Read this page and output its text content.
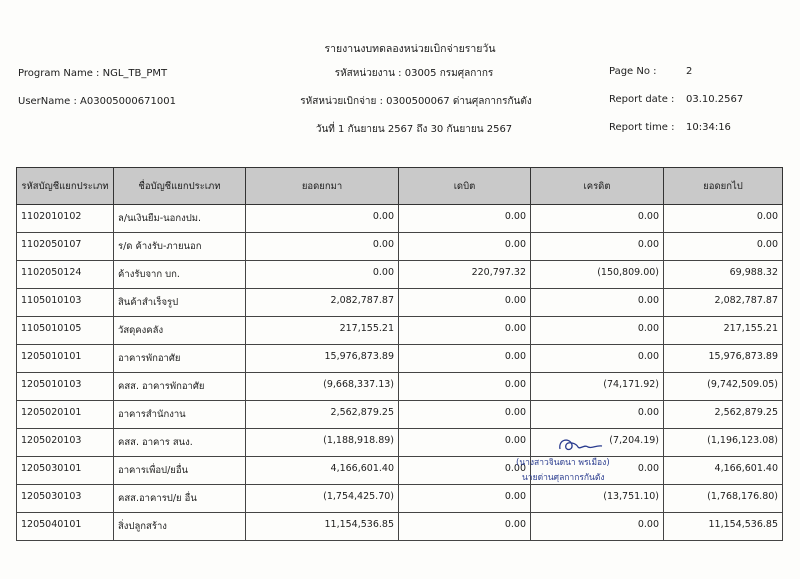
รายงานงบทดลองหน่วยเบิกจ่ายรายวัน
Program Name : NGL_TB_PMT	รหัสหน่วยงาน : 03005 กรมศุลกากร	Page No :	2
UserName : A03005000671001	รหัสหน่วยเบิกจ่าย : 0300500067 ด่านศุลกากรกันตัง	Report date : 03.10.2567
วันที่ 1 กันยายน 2567 ถึง 30 กันยายน 2567	Report time : 10:34:16
รหัสบัญชีแยกประเภท	ชื่อบัญชีแยกประเภท	ยอดยกมา	เดบิต	เครดิต	ยอดยกไป
1102010102	ล/นเงินยืม-นอกงปม.	0.00	0.00	0.00	0.00
1102050107	ร/ด ค้างรับ-ภายนอก	0.00	0.00	0.00	0.00
1102050124	ค้างรับจาก บก.	0.00	220,797.32	(150,809.00)	69,988.32
1105010103	สินค้าสำเร็จรูป	2,082,787.87	0.00	0.00	2,082,787.87
1105010105	วัสดุคงคลัง	217,155.21	0.00	0.00	217,155.21
1205010101	อาคารพักอาศัย	15,976,873.89	0.00	0.00	15,976,873.89
1205010103	คสส. อาคารพักอาศัย	(9,668,337.13)	0.00	(74,171.92)	(9,742,509.05)
1205020101	อาคารสำนักงาน	2,562,879.25	0.00	0.00	2,562,879.25
1205020103	คสส. อาคาร สนง.	(1,188,918.89)	0.00	(7,204.19)	(1,196,123.08)
1205030101	อาคารเพื่อป/ยอื่น	4,166,601.40	0.00	0.00	4,166,601.40
1205030103	คสส.อาคารป/ย อื่น	(1,754,425.70)	0.00	(13,751.10)	(1,768,176.80)
1205040101	สิ่งปลูกสร้าง	11,154,536.85	0.00	0.00	11,154,536.85
(นางสาวจินดนา พรเมือง)
นายด่านศุลกากรกันตัง
